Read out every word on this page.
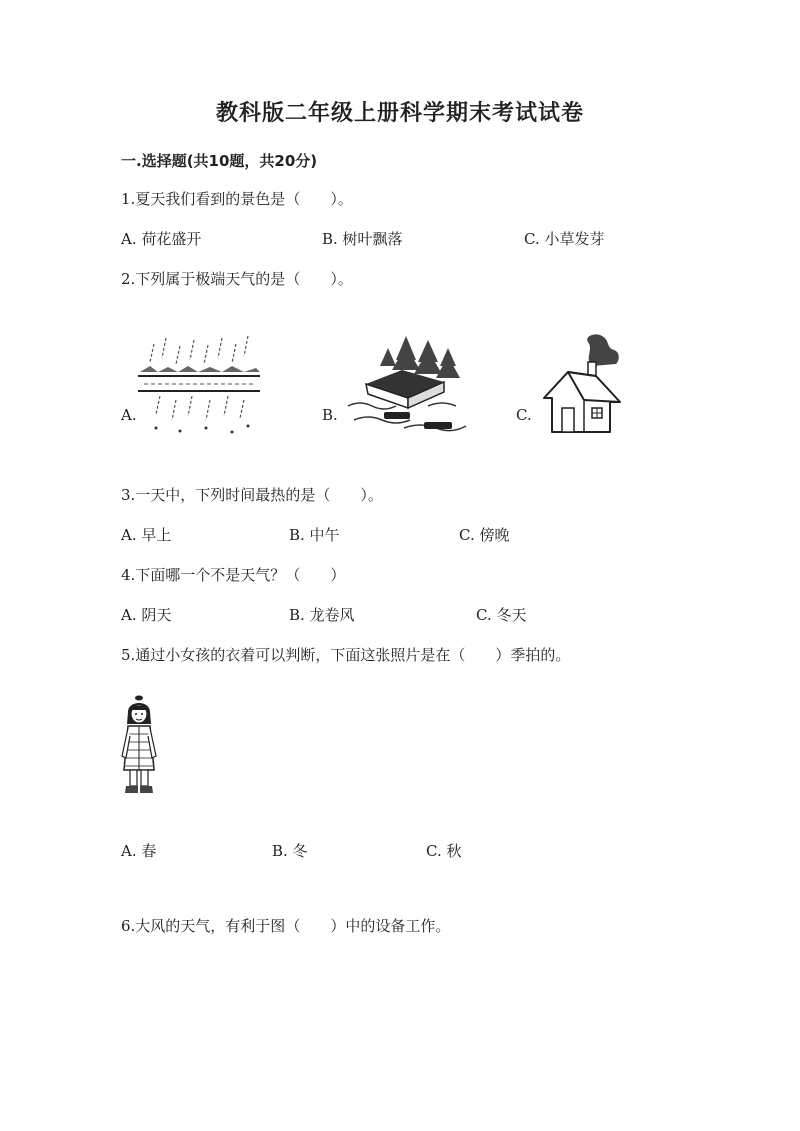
教科版二年级上册科学期末考试试卷
一.选择题(共10题，共20分)
1.夏天我们看到的景色是（　　）。
A. 荷花盛开	B. 树叶飘落	C. 小草发芽
2.下列属于极端天气的是（　　）。
A.	B.	C.
3.一天中，下列时间最热的是（　　）。
A. 早上	B. 中午	C. 傍晚
4.下面哪一个不是天气？（　　）
A. 阴天	B. 龙卷风	C. 冬天
5.通过小女孩的衣着可以判断，下面这张照片是在（　　）季拍的。
A. 春	B. 冬	C. 秋
6.大风的天气，有利于图（　　）中的设备工作。
